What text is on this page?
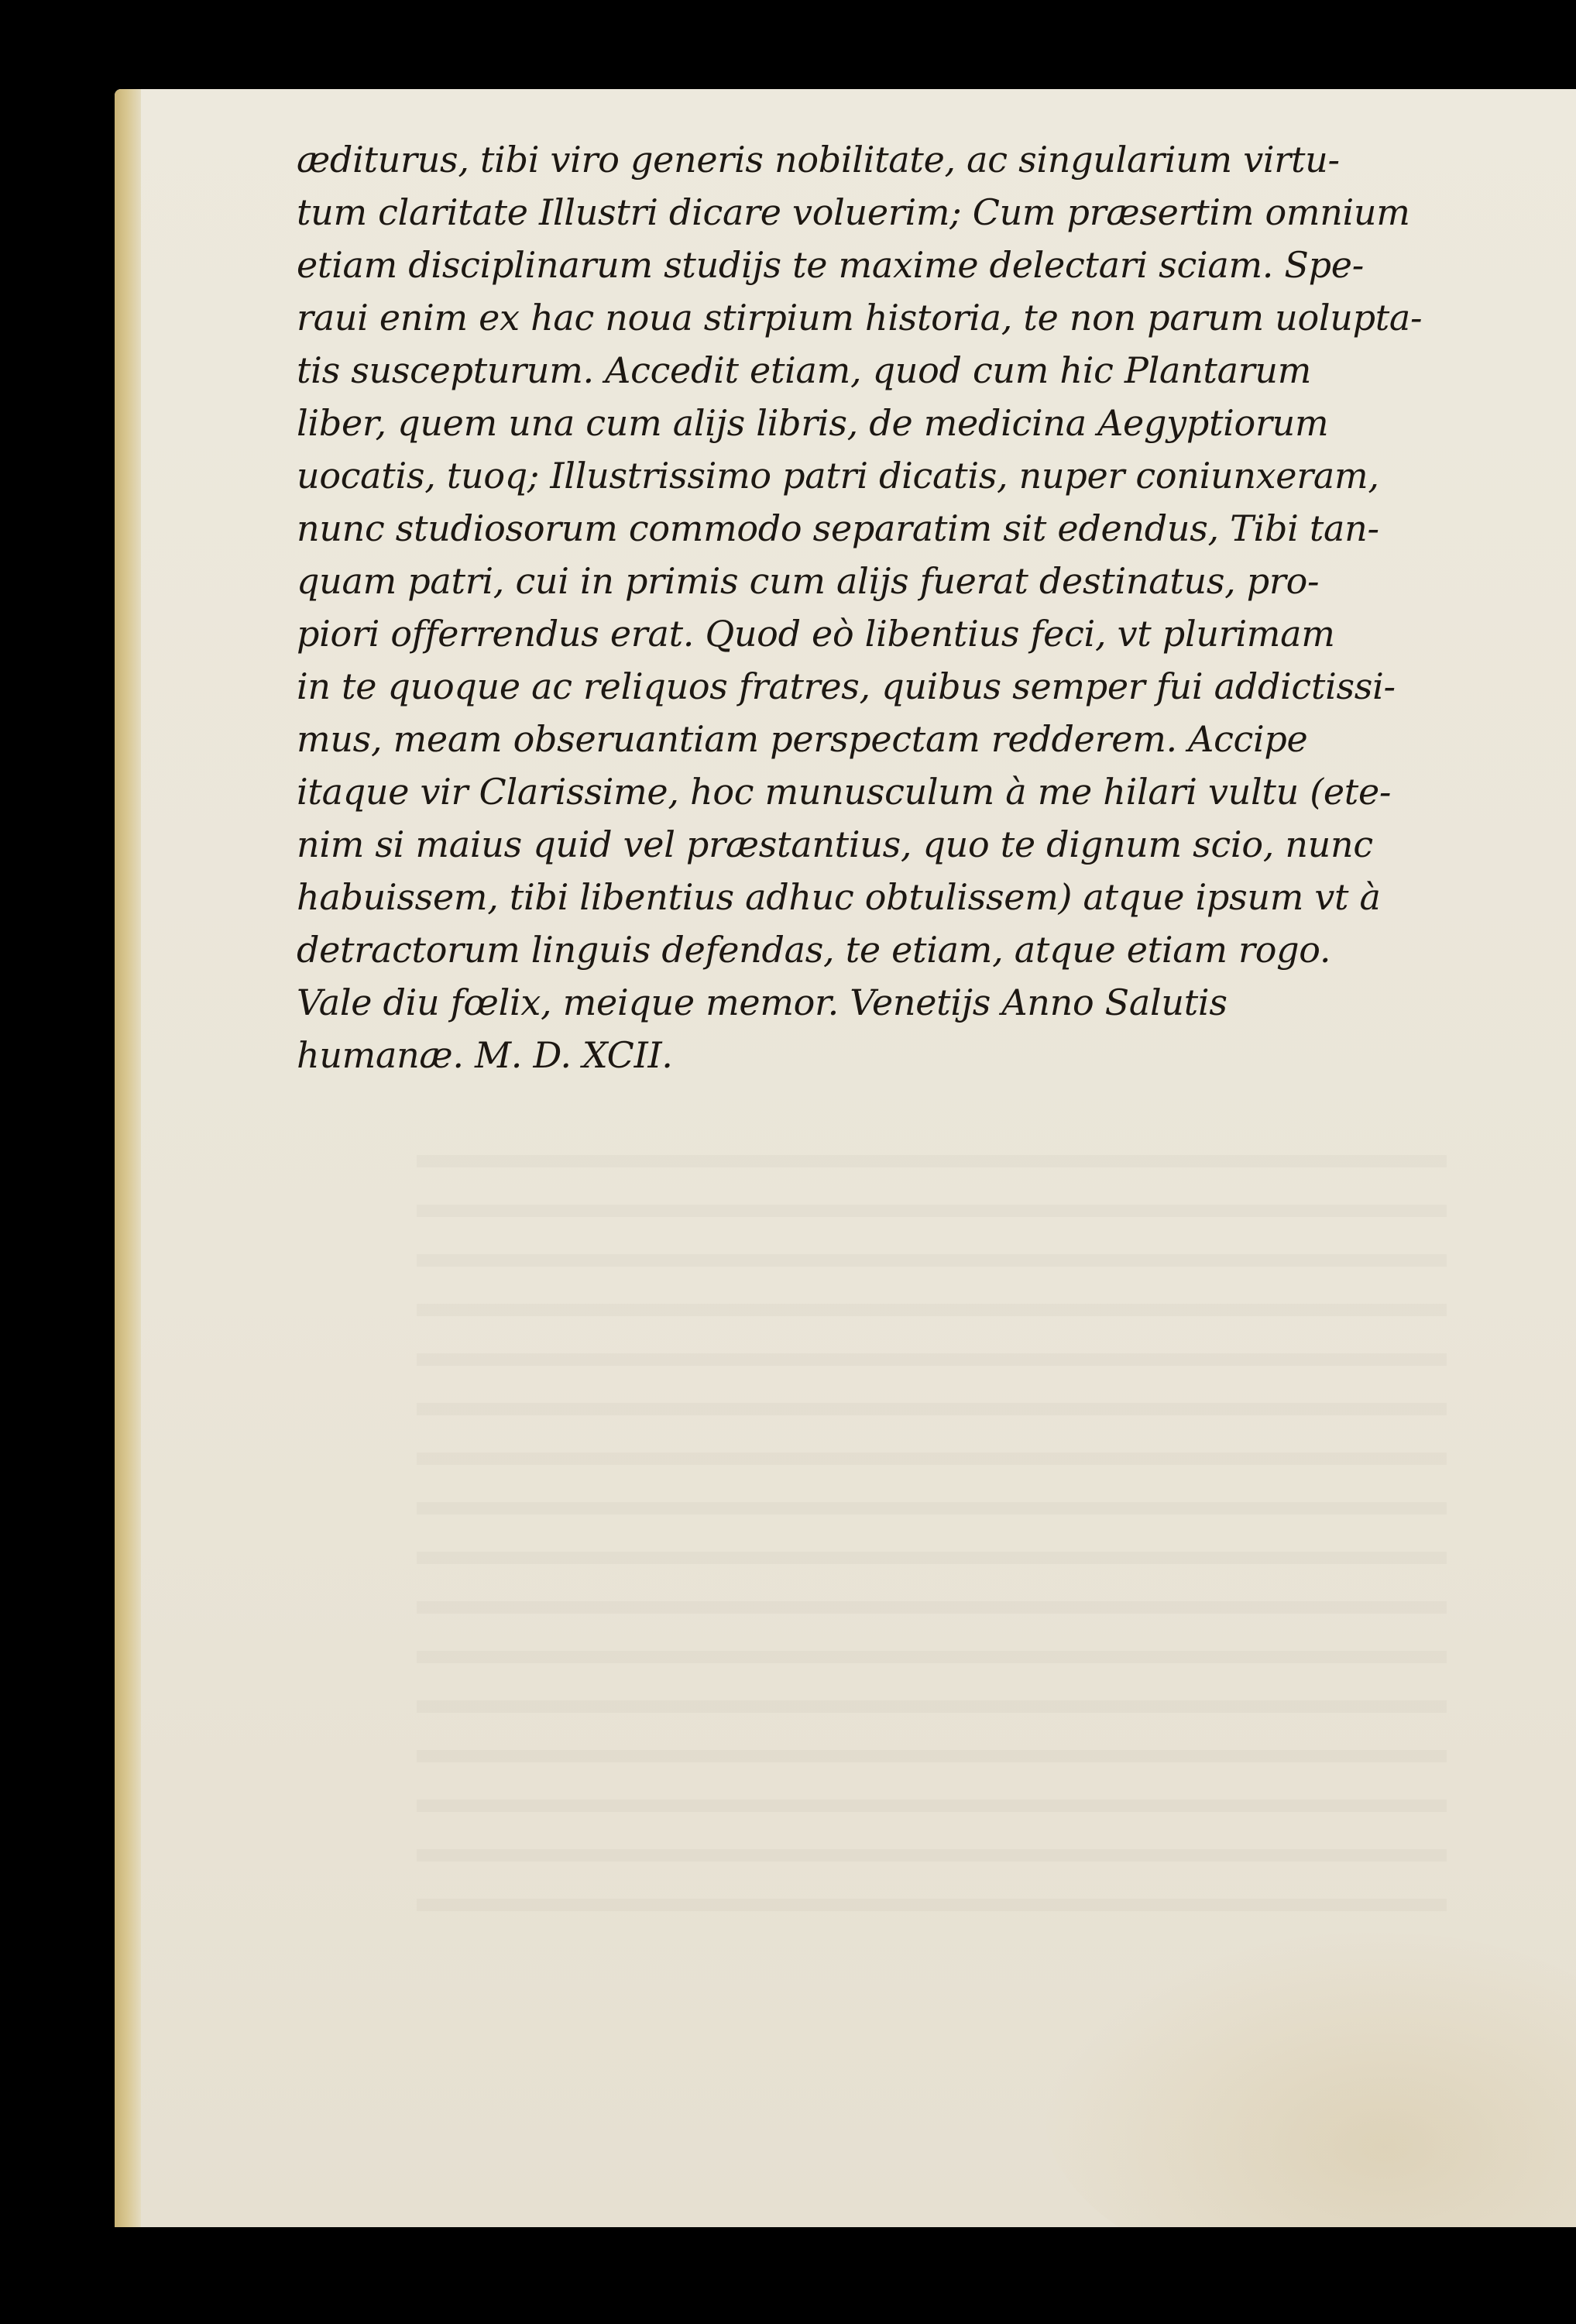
æditurus, tibi viro generis nobilitate, ac singularium virtu-
tum claritate Illustri dicare voluerim; Cum præsertim omnium
etiam disciplinarum studijs te maxime delectari sciam. Spe-
raui enim ex hac noua stirpium historia, te non parum uolupta-
tis suscepturum. Accedit etiam, quod cum hic Plantarum
liber, quem una cum alijs libris, de medicina Aegyptiorum
uocatis, tuoq; Illustrissimo patri dicatis, nuper coniunxeram,
nunc studiosorum commodo separatim sit edendus, Tibi tan-
quam patri, cui in primis cum alijs fuerat destinatus, pro-
piori offerrendus erat. Quod eò libentius feci, vt plurimam
in te quoque ac reliquos fratres, quibus semper fui addictissi-
mus, meam obseruantiam perspectam redderem. Accipe
itaque vir Clarissime, hoc munusculum à me hilari vultu (ete-
nim si maius quid vel præstantius, quo te dignum scio, nunc
habuissem, tibi libentius adhuc obtulissem) atque ipsum vt à
detractorum linguis defendas, te etiam, atque etiam rogo.
Vale diu fœlix, meique memor. Venetijs Anno Salutis
humanæ. M. D. XCII.
